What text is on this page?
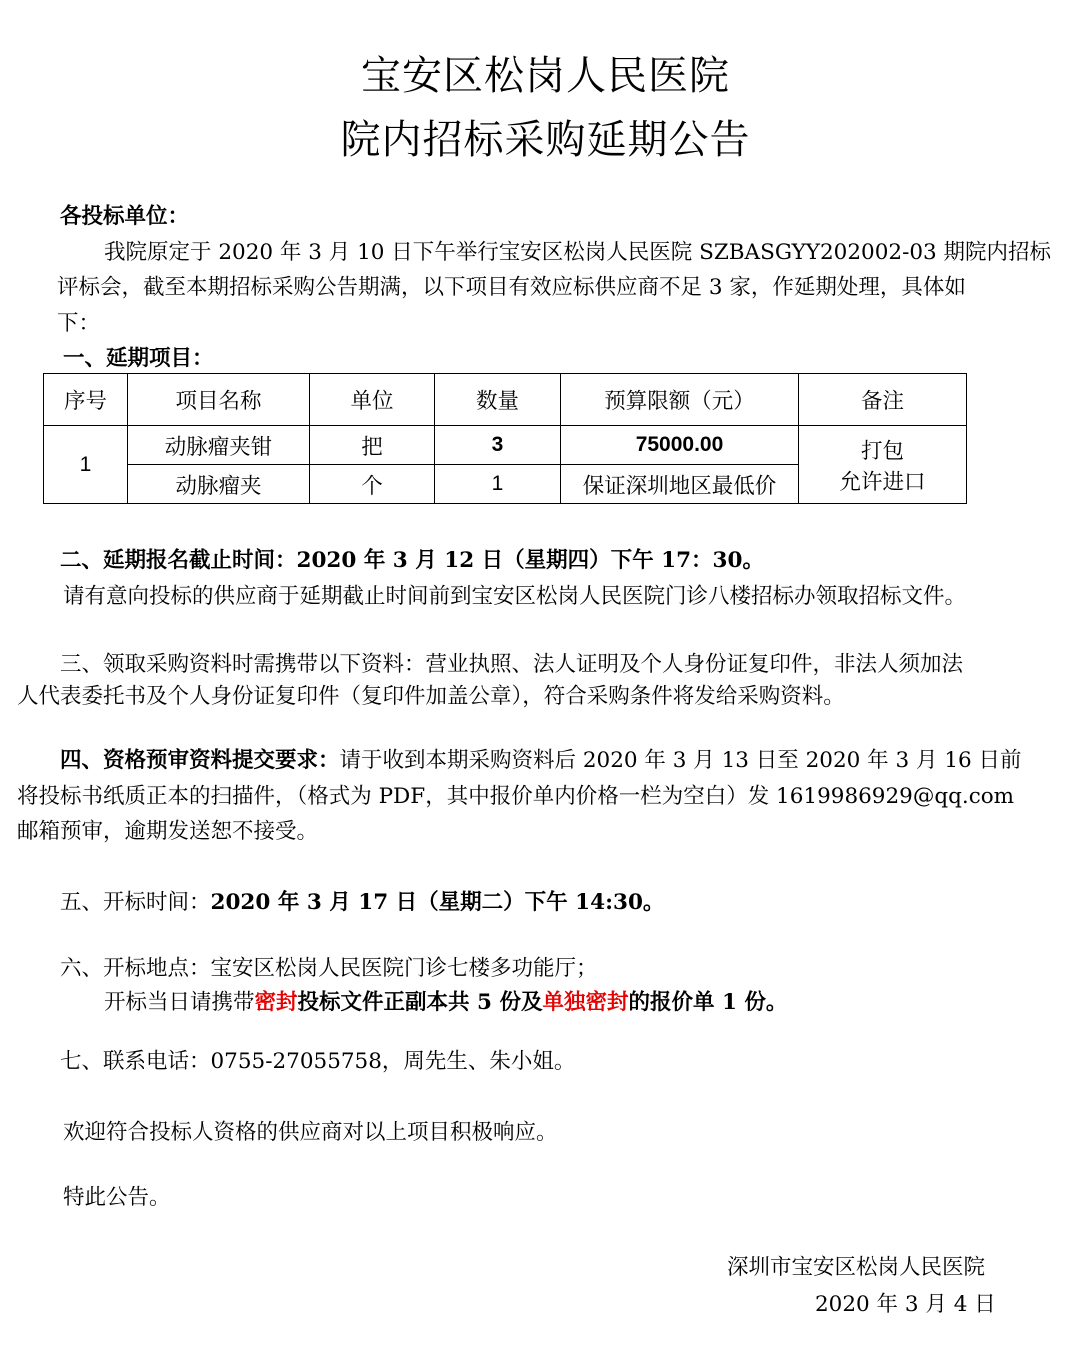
宝安区松岗人民医院
院内招标采购延期公告
各投标单位：
我院原定于 2020 年 3 月 10 日下午举行宝安区松岗人民医院 SZBASGYY202002-03 期院内招标
评标会，截至本期招标采购公告期满，以下项目有效应标供应商不足 3 家，作延期处理，具体如
下：
一、延期项目：
序号	项目名称	单位	数量	预算限额（元）	备注
1	动脉瘤夹钳	把	3	75000.00	打包
允许进口

	动脉瘤夹	个	1	保证深圳地区最低价	
二、延期报名截止时间：2020 年 3 月 12 日（星期四）下午 17：30。
请有意向投标的供应商于延期截止时间前到宝安区松岗人民医院门诊八楼招标办领取招标文件。
三、领取采购资料时需携带以下资料：营业执照、法人证明及个人身份证复印件，非法人须加法
人代表委托书及个人身份证复印件（复印件加盖公章），符合采购条件将发给采购资料。
四、资格预审资料提交要求：请于收到本期采购资料后 2020 年 3 月 13 日至 2020 年 3 月 16 日前
将投标书纸质正本的扫描件，（格式为 PDF，其中报价单内价格一栏为空白）发 1619986929@qq.com
邮箱预审，逾期发送恕不接受。
五、开标时间：2020 年 3 月 17 日（星期二）下午 14:30。
六、开标地点：宝安区松岗人民医院门诊七楼多功能厅；
开标当日请携带密封投标文件正副本共 5 份及单独密封的报价单 1 份。
七、联系电话：0755-27055758，周先生、朱小姐。
欢迎符合投标人资格的供应商对以上项目积极响应。
特此公告。
深圳市宝安区松岗人民医院
2020 年 3 月 4 日
